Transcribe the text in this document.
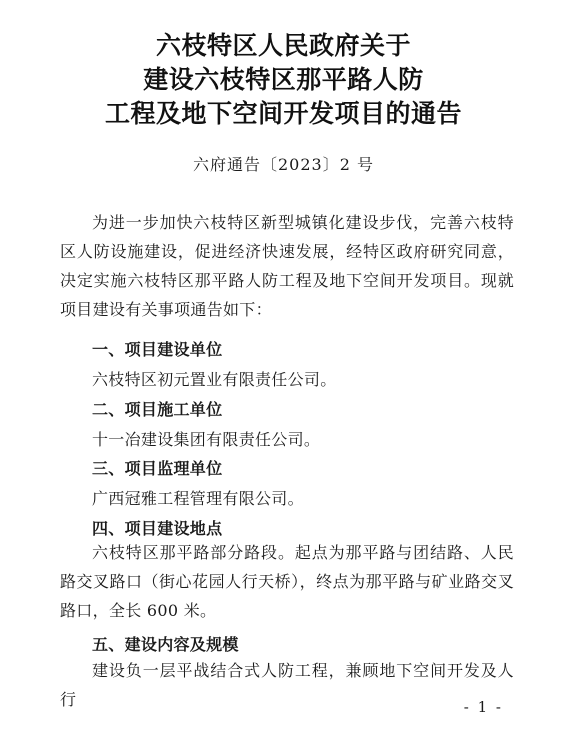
六枝特区人民政府关于
建设六枝特区那平路人防
工程及地下空间开发项目的通告
六府通告〔2023〕2 号
为进一步加快六枝特区新型城镇化建设步伐，完善六枝特区人防设施建设，促进经济快速发展，经特区政府研究同意，决定实施六枝特区那平路人防工程及地下空间开发项目。现就项目建设有关事项通告如下：
一、项目建设单位
六枝特区初元置业有限责任公司。
二、项目施工单位
十一冶建设集团有限责任公司。
三、项目监理单位
广西冠雅工程管理有限公司。
四、项目建设地点
六枝特区那平路部分路段。起点为那平路与团结路、人民路交叉路口（街心花园人行天桥），终点为那平路与矿业路交叉路口，全长 600 米。
五、建设内容及规模
建设负一层平战结合式人防工程，兼顾地下空间开发及人行	- 1 -
